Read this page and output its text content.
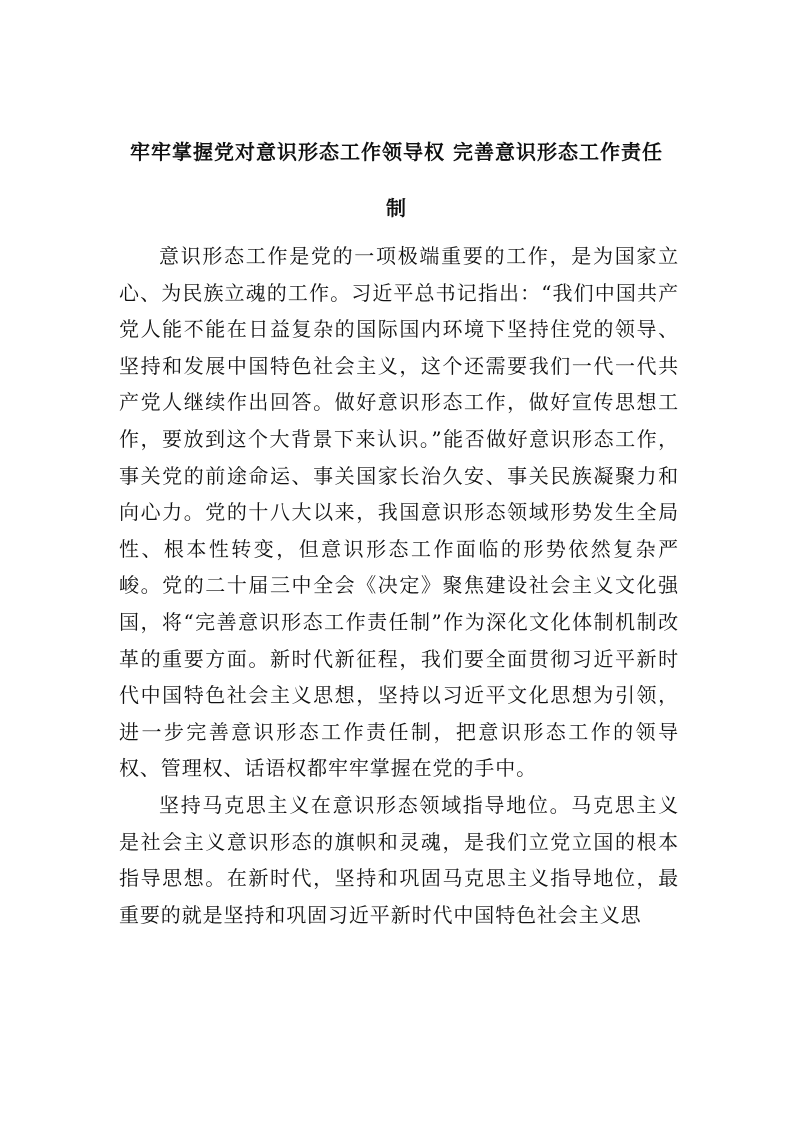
牢牢掌握党对意识形态工作领导权 完善意识形态工作责任
制

意识形态工作是党的一项极端重要的工作，是为国家立心、为民族立魂的工作。习近平总书记指出：“我们中国共产党人能不能在日益复杂的国际国内环境下坚持住党的领导、坚持和发展中国特色社会主义，这个还需要我们一代一代共产党人继续作出回答。做好意识形态工作，做好宣传思想工作，要放到这个大背景下来认识。”能否做好意识形态工作，事关党的前途命运、事关国家长治久安、事关民族凝聚力和向心力。党的十八大以来，我国意识形态领域形势发生全局性、根本性转变，但意识形态工作面临的形势依然复杂严峻。党的二十届三中全会《决定》聚焦建设社会主义文化强国，将“完善意识形态工作责任制”作为深化文化体制机制改革的重要方面。新时代新征程，我们要全面贯彻习近平新时代中国特色社会主义思想，坚持以习近平文化思想为引领，进一步完善意识形态工作责任制，把意识形态工作的领导权、管理权、话语权都牢牢掌握在党的手中。

坚持马克思主义在意识形态领域指导地位。马克思主义是社会主义意识形态的旗帜和灵魂，是我们立党立国的根本指导思想。在新时代，坚持和巩固马克思主义指导地位，最重要的就是坚持和巩固习近平新时代中国特色社会主义思
